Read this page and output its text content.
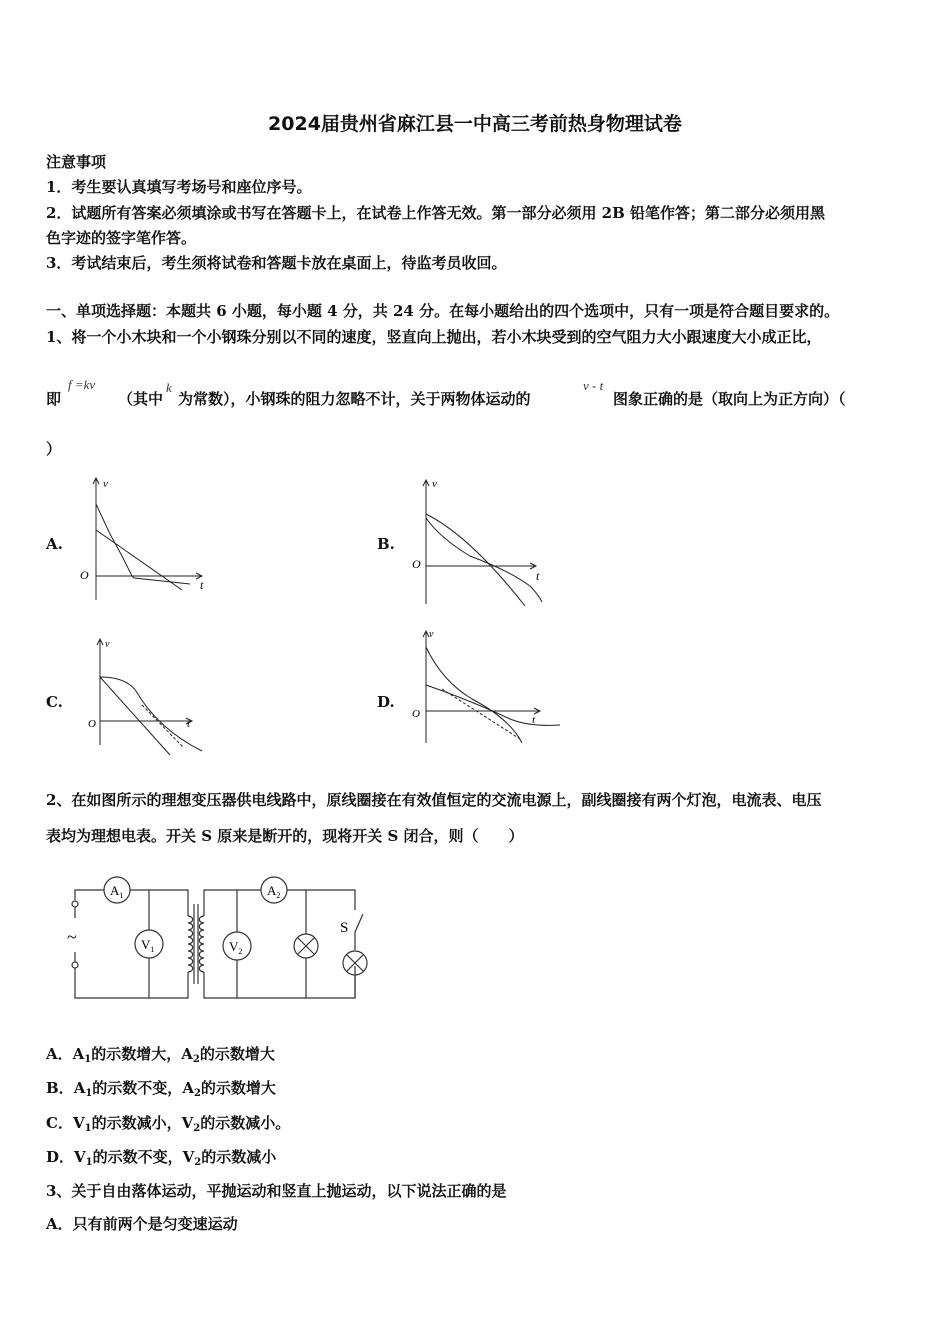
2024届贵州省麻江县一中高三考前热身物理试卷
注意事项
1．考生要认真填写考场号和座位序号。
2．试题所有答案必须填涂或书写在答题卡上，在试卷上作答无效。第一部分必须用 2B 铅笔作答；第二部分必须用黑
色字迹的签字笔作答。
3．考试结束后，考生须将试卷和答题卡放在桌面上，待监考员收回。
一、单项选择题：本题共 6 小题，每小题 4 分，共 24 分。在每小题给出的四个选项中，只有一项是符合题目要求的。
1、将一个小木块和一个小钢珠分别以不同的速度，竖直向上抛出，若小木块受到的空气阻力大小跟速度大小成正比，
即
f =kv
（其中
k
为常数），小钢珠的阻力忽略不计，关于两物体运动的
v - t
图象正确的是（取向上为正方向）（
）
A.	B.
C.	D.
v
O
t
v
O
t
v
O	t
v
O	t
2、在如图所示的理想变压器供电线路中，原线圈接在有效值恒定的交流电源上，副线圈接有两个灯泡，电流表、电压
表均为理想电表。开关 S 原来是断开的，现将开关 S 闭合，则（　　）
~
$A_1$	$A_2$
$V_1$	$V_2$
S
A．$A_1$的示数增大，$A_2$的示数增大
B．$A_1$的示数不变，$A_2$的示数增大
C．$V_1$的示数减小，$V_2$的示数减小。
D．$V_1$的示数不变，$V_2$的示数减小
3、关于自由落体运动，平抛运动和竖直上抛运动，以下说法正确的是
A．只有前两个是匀变速运动
